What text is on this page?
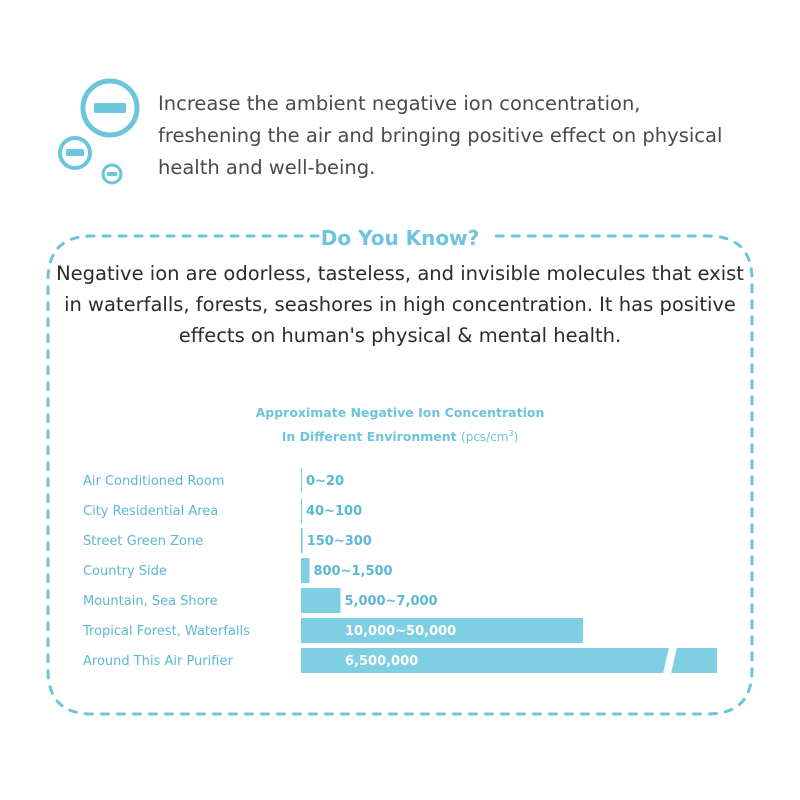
Increase the ambient negative ion concentration, freshening the air and bringing positive effect on physical health and well-being.

Do You Know?

Negative ion are odorless, tasteless, and invisible molecules that exist in waterfalls, forests, seashores in high concentration. It has positive effects on human's physical & mental health.

Approximate Negative Ion Concentration
In Different Environment $(pcs/cm^3)$
Air Conditioned Room	0~20
City Residential Area	40~100
Street Green Zone	150~300
Country Side	800~1,500
Mountain, Sea Shore	5,000~7,000
Tropical Forest, Waterfalls	10,000~50,000
Around This Air Purifier	6,500,000
